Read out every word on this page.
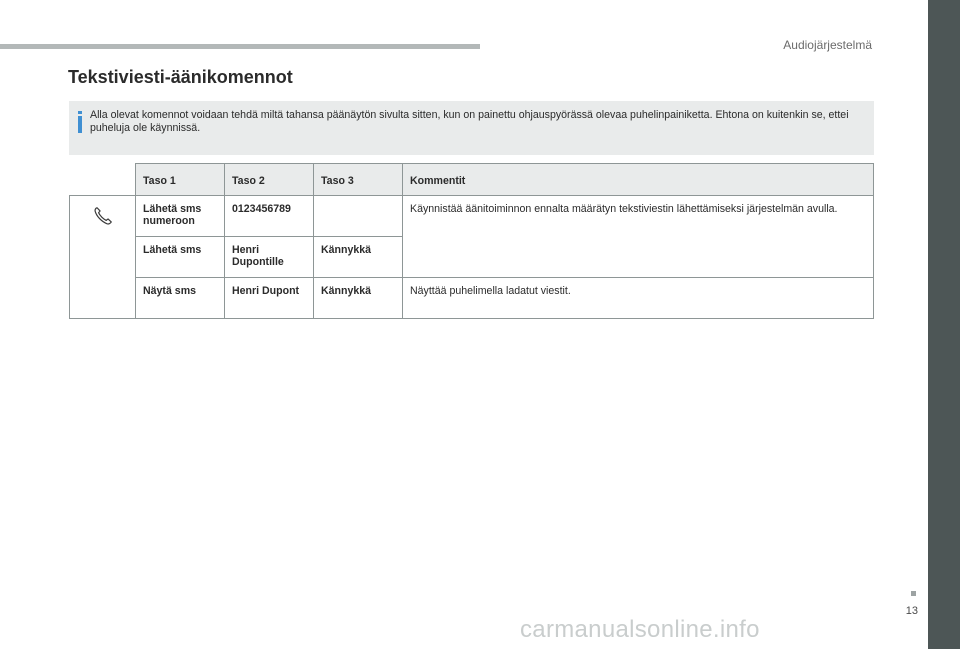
Audiojärjestelmä
Tekstiviesti-äänikomennot
Alla olevat komennot voidaan tehdä miltä tahansa päänäytön sivulta sitten, kun on painettu ohjauspyörässä olevaa puhelinpainiketta. Ehtona on kuitenkin se, ettei puheluja ole käynnissä.
	Taso 1	Taso 2	Taso 3	Kommentit
	Lähetä sms numeroon	0123456789		Käynnistää äänitoiminnon ennalta määrätyn tekstiviestin lähettämiseksi järjestelmän avulla.
	Lähetä sms	Henri Dupontille	Kännykkä	
	Näytä sms	Henri Dupont	Kännykkä	Näyttää puhelimella ladatut viestit.
13
carmanualsonline.info
